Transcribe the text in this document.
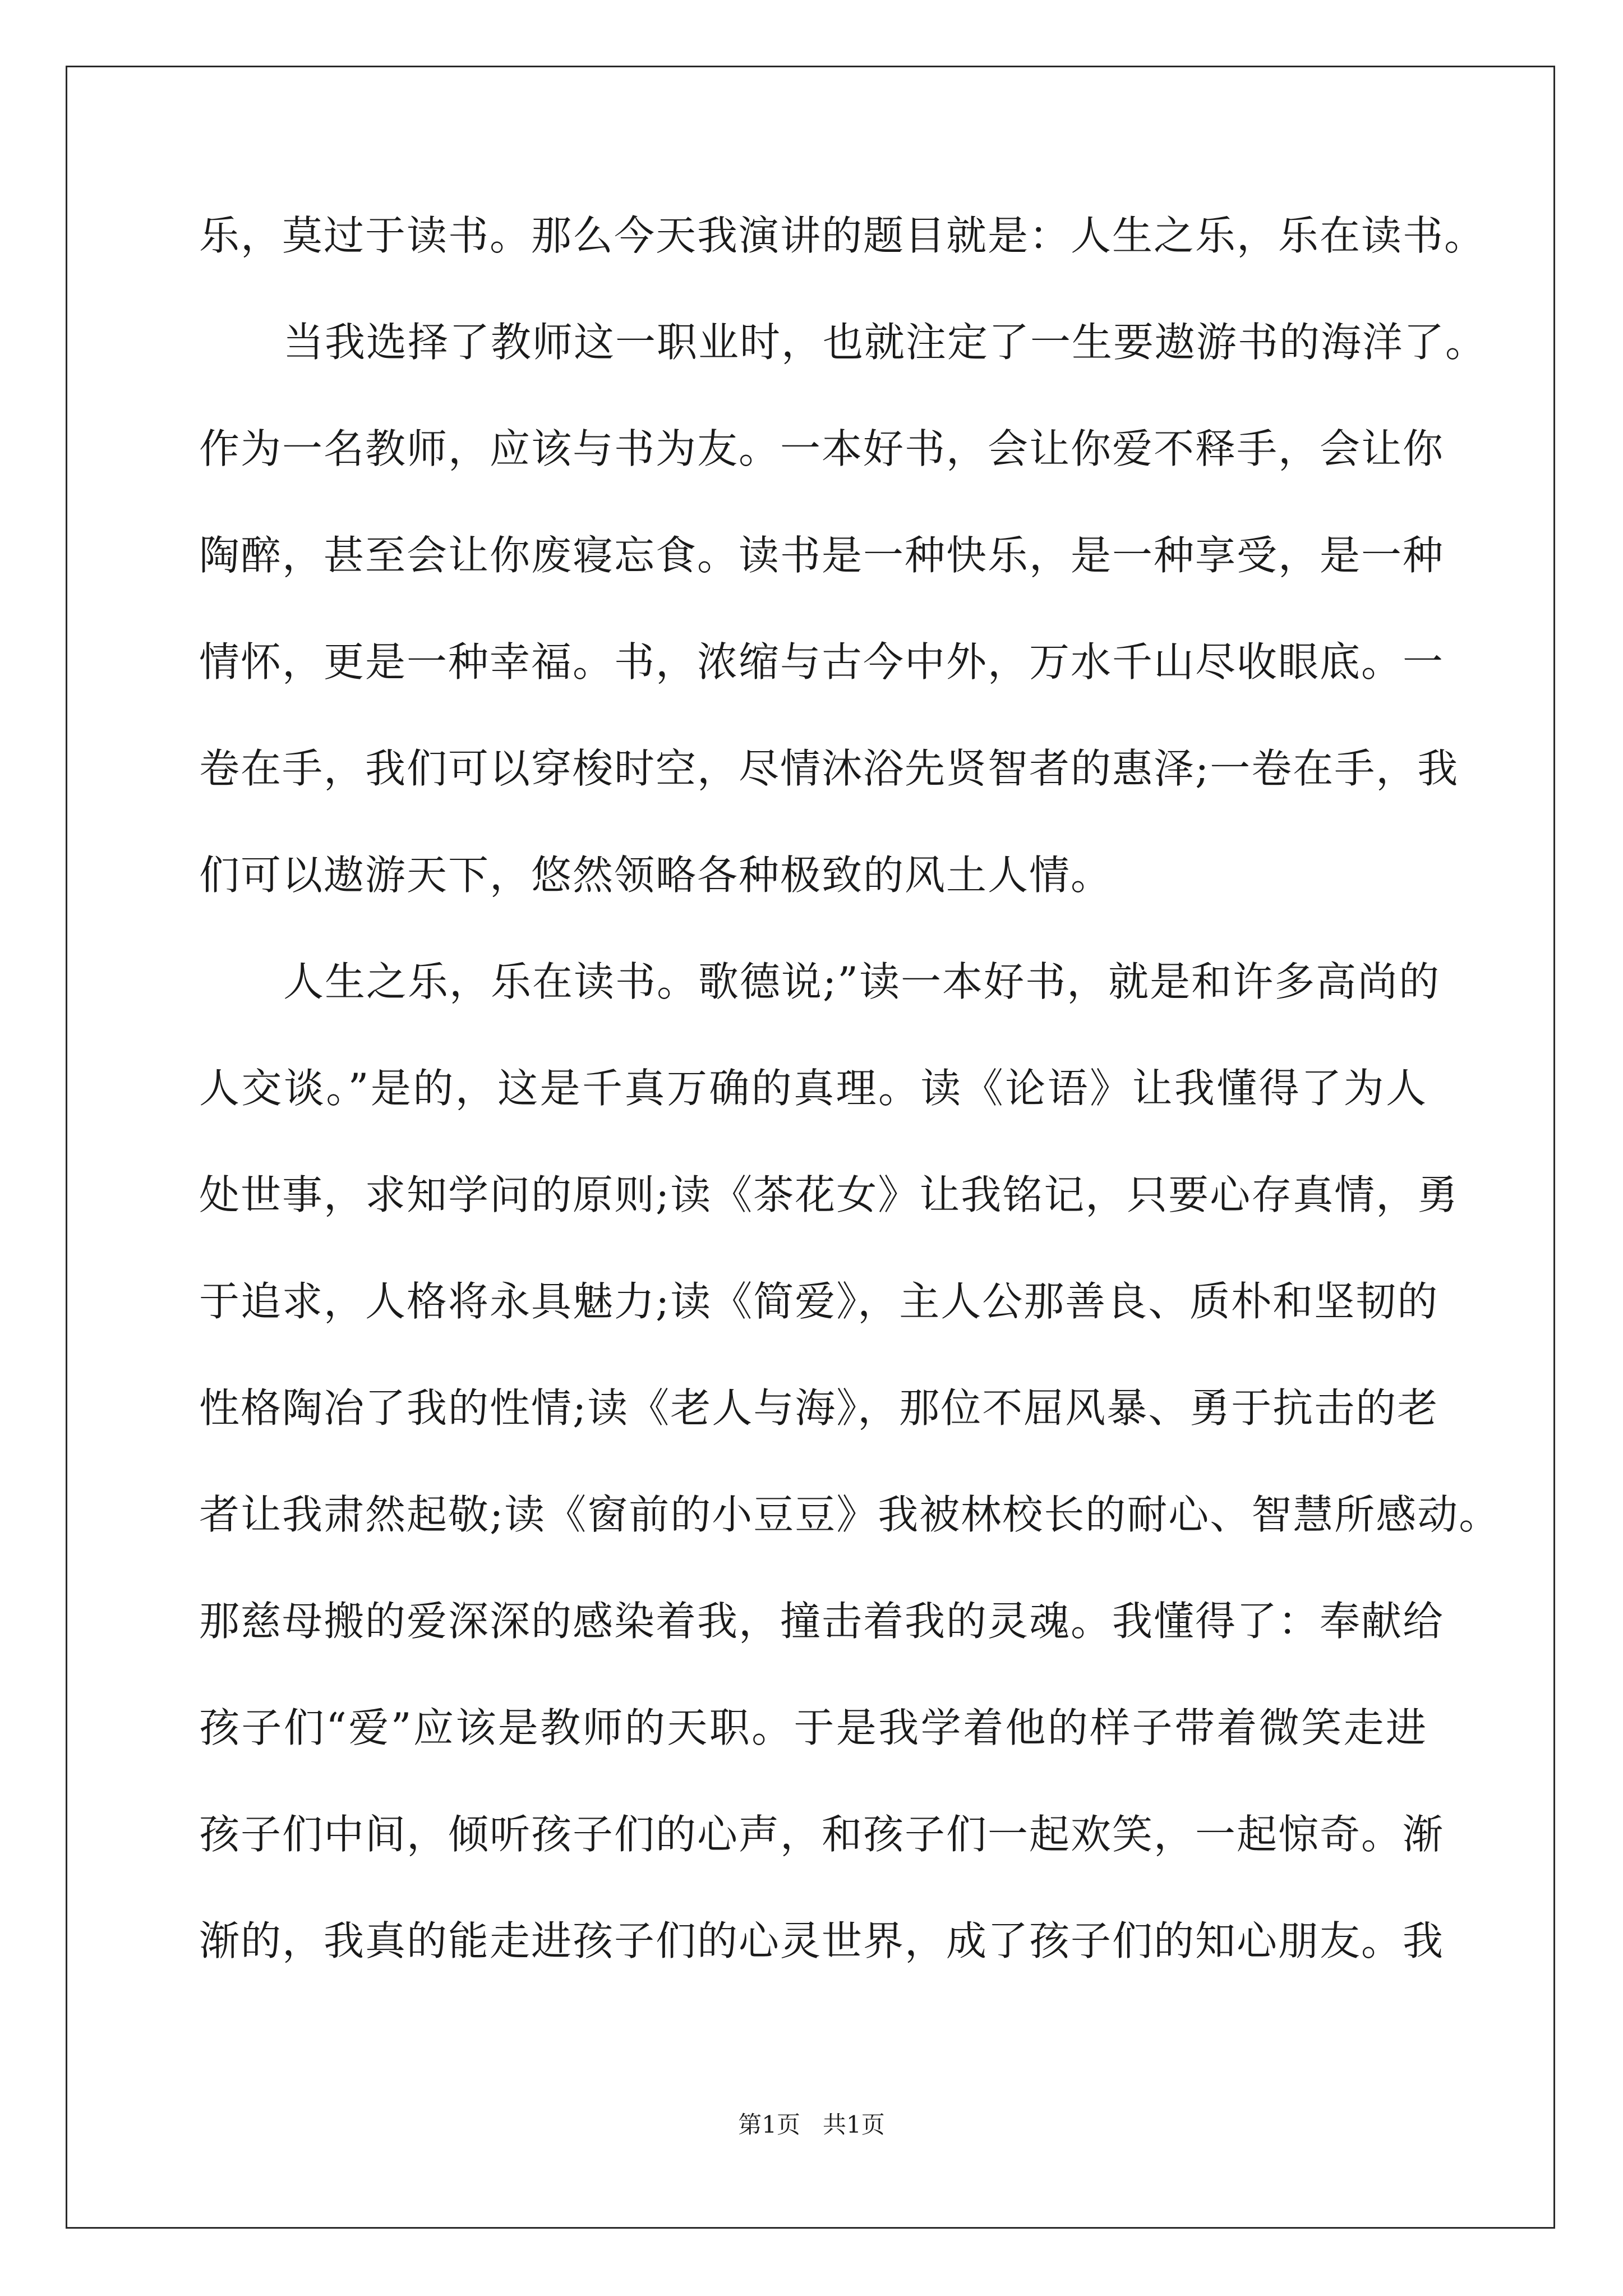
乐，莫过于读书。那么今天我演讲的题目就是：人生之乐，乐在读书。
当我选择了教师这一职业时，也就注定了一生要遨游书的海洋了。
作为一名教师，应该与书为友。一本好书，会让你爱不释手，会让你
陶醉，甚至会让你废寝忘食。读书是一种快乐，是一种享受，是一种
情怀，更是一种幸福。书，浓缩与古今中外，万水千山尽收眼底。一
卷在手，我们可以穿梭时空，尽情沐浴先贤智者的惠泽;一卷在手，我
们可以遨游天下，悠然领略各种极致的风土人情。
人生之乐，乐在读书。歌德说;”读一本好书，就是和许多高尚的
人交谈。”是的，这是千真万确的真理。读《论语》让我懂得了为人
处世事，求知学问的原则;读《茶花女》让我铭记，只要心存真情，勇
于追求，人格将永具魅力;读《简爱》，主人公那善良、质朴和坚韧的
性格陶冶了我的性情;读《老人与海》，那位不屈风暴、勇于抗击的老
者让我肃然起敬;读《窗前的小豆豆》我被林校长的耐心、智慧所感动。
那慈母搬的爱深深的感染着我，撞击着我的灵魂。我懂得了：奉献给
孩子们“爱”应该是教师的天职。于是我学着他的样子带着微笑走进
孩子们中间，倾听孩子们的心声，和孩子们一起欢笑，一起惊奇。渐
渐的，我真的能走进孩子们的心灵世界，成了孩子们的知心朋友。我
第1页   共1页
